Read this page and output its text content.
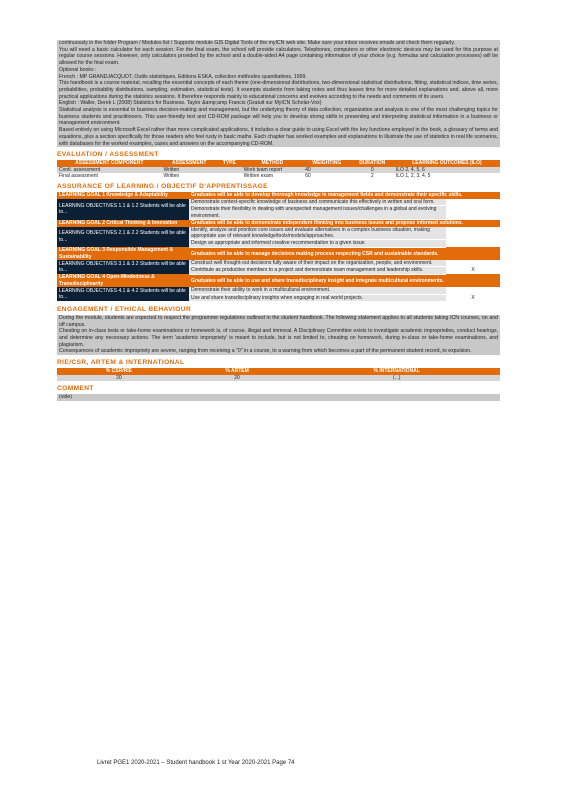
continuously in the folder Program / Modules list / Supports module GIS Digital Tools of the myICN web site. Make sure your inbox receives emails and check them regularly.

You will need a basic calculator for each session. For the final exam, the school will provide calculators. Telephones, computers or other electronic devices may be used for this purpose at regular course sessions. However, only calculators provided by the school and a double-sided A4 page containing information of your choice (e.g. formulas and calculation processes) will be allowed for the final exam.

Optional books :

French : MP GRANDJACQUOT, Outils statistiques, Editions ESKA, collection méthodes quantitatives, 1999.

This handbook is a course material, recalling the essential concepts of each theme (one-dimensional distributions, two-dimensional statistical distributions, fitting, statistical indices, time series, probabilities, probability distributions, sampling, estimation, statistical tests). It exempts students from taking notes and thus leaves time for more detailed explanations and, above all, more practical applications during the statistics sessions. It therefore responds mainly to educational concerns and evolves according to the needs and comments of its users.

English : Waller, Derek L (2008) Statistics for Business. Taylor &amp;amp Francis (Gratuit sur MyICN Scholar-Vox)

Statistical analysis is essential to business decision-making and management, but the underlying theory of data collection, organization and analysis is one of the most challenging topics for business students and practitioners. This user-friendly text and CD-ROM package will help you to develop strong skills in presenting and interpreting statistical information in a business or management environment.

Based entirely on using Microsoft Excel rather than more complicated applications, it includes a clear guide to using Excel with the key functions employed in the book, a glossary of terms and equations, plus a section specifically for those readers who feel rusty in basic maths. Each chapter has worked examples and explanations to illustrate the use of statistics in real life scenarios, with databases for the worked examples, cases and answers on the accompanying CD-ROM.

EVALUATION / ASSESSMENT
ASSESSMENT COMPONENT	ASSESSMENT	TYPE	METHOD	WEIGHTING	DURATION	LEARNING OUTCOMES (ILO)
Contl. assessment	Written		Work team report	40	0	ILO 2, 4, 5, 6
Final assessment	Written		Written exam	60	2	ILO 1, 2, 3, 4, 5
ASSURANCE OF LEARNING / OBJECTIF D'APPRENTISSAGE
LEARNING GOAL 1 Knowledge & Adaptability	Graduates will be able to develop thorough knowledge in management fields and demonstrate their specific skills.	
LEARNING OBJECTIVES 1.1 & 1.2 Students will be able to...	Demonstrate context-specific knowledge of business and communicate this effectively in written and oral form.	
	Demonstrate their flexibility in dealing with unexpected management issues/challenges in a global and evolving environment.	
LEARNING GOAL 2 Critical Thinking & Innovation	Graduates will be able to demonstrate independent thinking into business issues and propose informed solutions.	
LEARNING OBJECTIVES 2.1 & 2.2 Students will be able to...	Identify, analyze and prioritize core issues and evaluate alternatives in a complex business situation, making appropriate use of relevant knowledge/tools/models/approaches.	
	Design an appropriate and informed creative recommendation to a given issue.	
LEARNING GOAL 3 Responsible Management & Sustainability	Graduates will be able to manage decisions making process respecting CSR and sustainable standards.	
LEARNING OBJECTIVES 3.1 & 3.2 Students will be able to...	Construct well thought-out decisions fully aware of their impact on the organization, people, and environment.	
	Contribute as productive members to a project and demonstrate team management and leadership skills.	X
LEARNING GOAL 4 Open-Mindedness & Transdisciplinarity	Graduates will be able to use and share transdisciplinary insight and integrate multicultural environments.	
LEARNING OBJECTIVES 4.1 & 4.2 Students will be able to...	Demonstrate their ability to work in a multicultural environment.	
	Use and share transdisciplinary insights when engaging in real world projects.	X
ENGAGEMENT / ETHICAL BEHAVIOUR

During the module, students are expected to respect the programme regulations outlined in the student handbook. The following statement applies to all students taking ICN courses, on and off campus.

Cheating on in-class tests or take-home examinations or homework is, of course, illegal and immoral. A Disciplinary Committee exists to investigate academic improprieties, conduct hearings, and determine any necessary actions. The term 'academic impropriety' is meant to include, but is not limited to, cheating on homework, during in-class or take-home examinations, and plagiarism.

Consequences of academic impropriety are severe, ranging from receiving a "0" in a course, to a warning from which becomes a part of the permanent student record, to expulsion.

RIE/CSR, ARTEM & INTERNATIONAL
% CSR/RIE	% ARTEM	% INTERNATIONAL
20	20	(...)
COMMENT

(vide)

Livret PGE1 2020-2021 – Student handbook 1 st Year 2020-2021 Page 74
